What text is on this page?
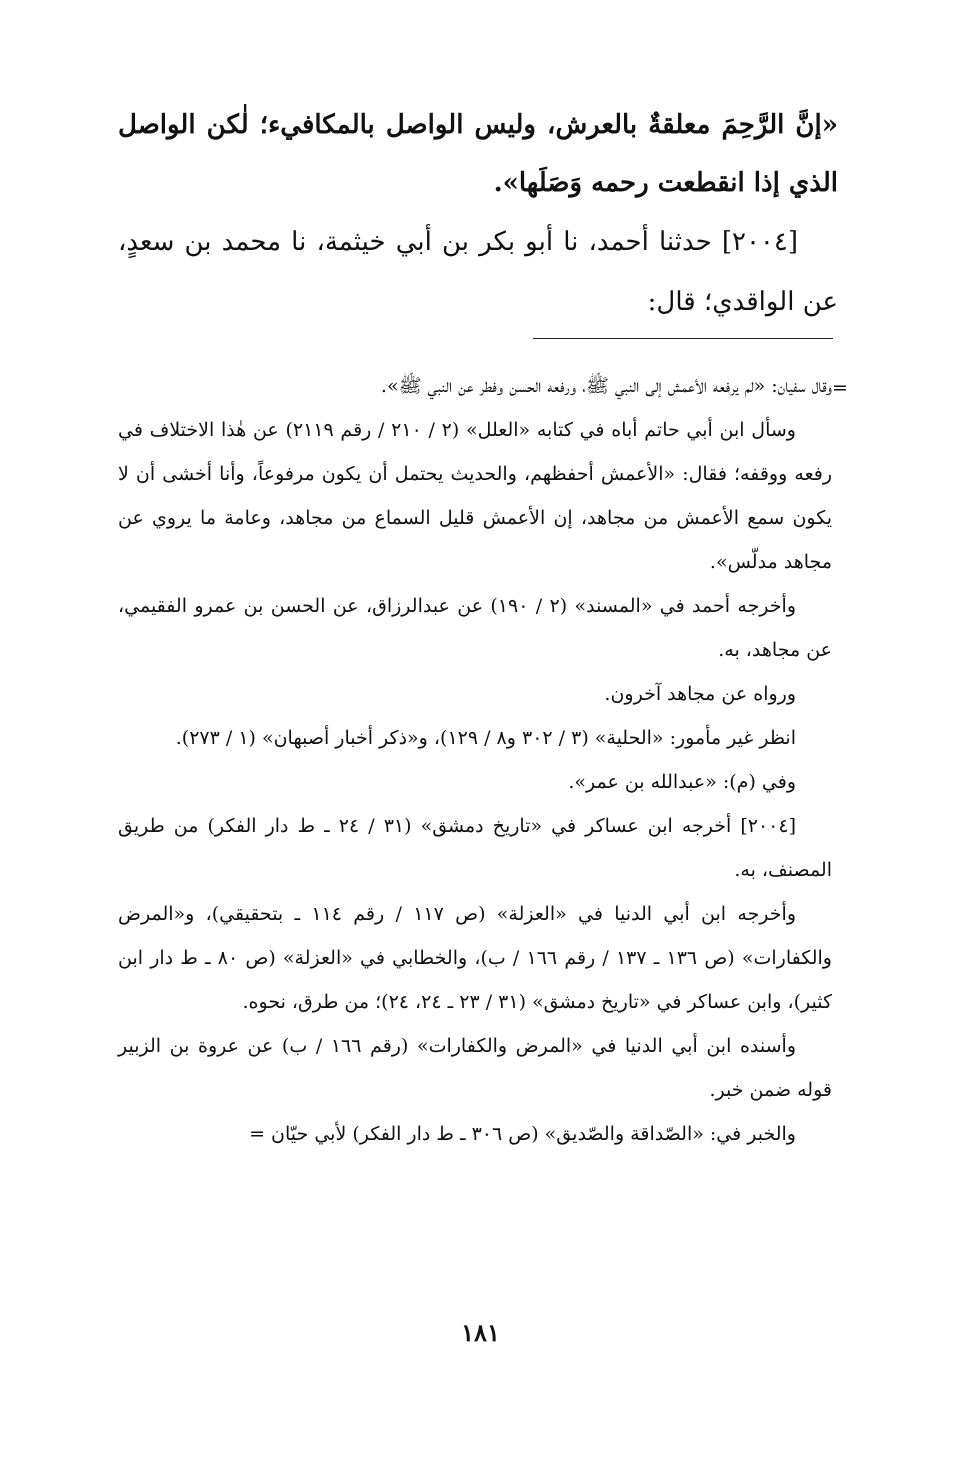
«إنَّ الرَّحِمَ معلقةٌ بالعرش، وليس الواصل بالمكافيء؛ لٰكن الواصل الذي إذا انقطعت رحمه وَصَلَها».

[٢٠٠٤] حدثنا أحمد، نا أبو بكر بن أبي خيثمة، نا محمد بن سعدٍ، عن الواقدي؛ قال:

=

وقال سفيان: «لم يرفعه الأعمش إلى النبي ﷺ، ورفعه الحسن وفطر عن النبي ﷺ».

وسأل ابن أبي حاتم أباه في كتابه «العلل» (٢ / ٢١٠ / رقم ٢١١٩) عن هٰذا الاختلاف في رفعه ووقفه؛ فقال: «الأعمش أحفظهم، والحديث يحتمل أن يكون مرفوعاً، وأنا أخشى أن لا يكون سمع الأعمش من مجاهد، إن الأعمش قليل السماع من مجاهد، وعامة ما يروي عن مجاهد مدلّس».

وأخرجه أحمد في «المسند» (٢ / ١٩٠) عن عبدالرزاق، عن الحسن بن عمرو الفقيمي، عن مجاهد، به.

ورواه عن مجاهد آخرون.

انظر غير مأمور: «الحلية» (٣ / ٣٠٢ و٨ / ١٢٩)، و«ذكر أخبار أصبهان» (١ / ٢٧٣).

وفي (م): «عبدالله بن عمر».

[٢٠٠٤] أخرجه ابن عساكر في «تاريخ دمشق» (٣١ / ٢٤ ـ ط دار الفكر) من طريق المصنف، به.

وأخرجه ابن أبي الدنيا في «العزلة» (ص ١١٧ / رقم ١١٤ ـ بتحقيقي)، و«المرض والكفارات» (ص ١٣٦ ـ ١٣٧ / رقم ١٦٦ / ب)، والخطابي في «العزلة» (ص ٨٠ ـ ط دار ابن كثير)، وابن عساكر في «تاريخ دمشق» (٣١ / ٢٣ ـ ٢٤، ٢٤)؛ من طرق، نحوه.

وأسنده ابن أبي الدنيا في «المرض والكفارات» (رقم ١٦٦ / ب) عن عروة بن الزبير قوله ضمن خبر.

والخبر في: «الصّداقة والصّديق» (ص ٣٠٦ ـ ط دار الفكر) لأبي حيّان =

١٨١
